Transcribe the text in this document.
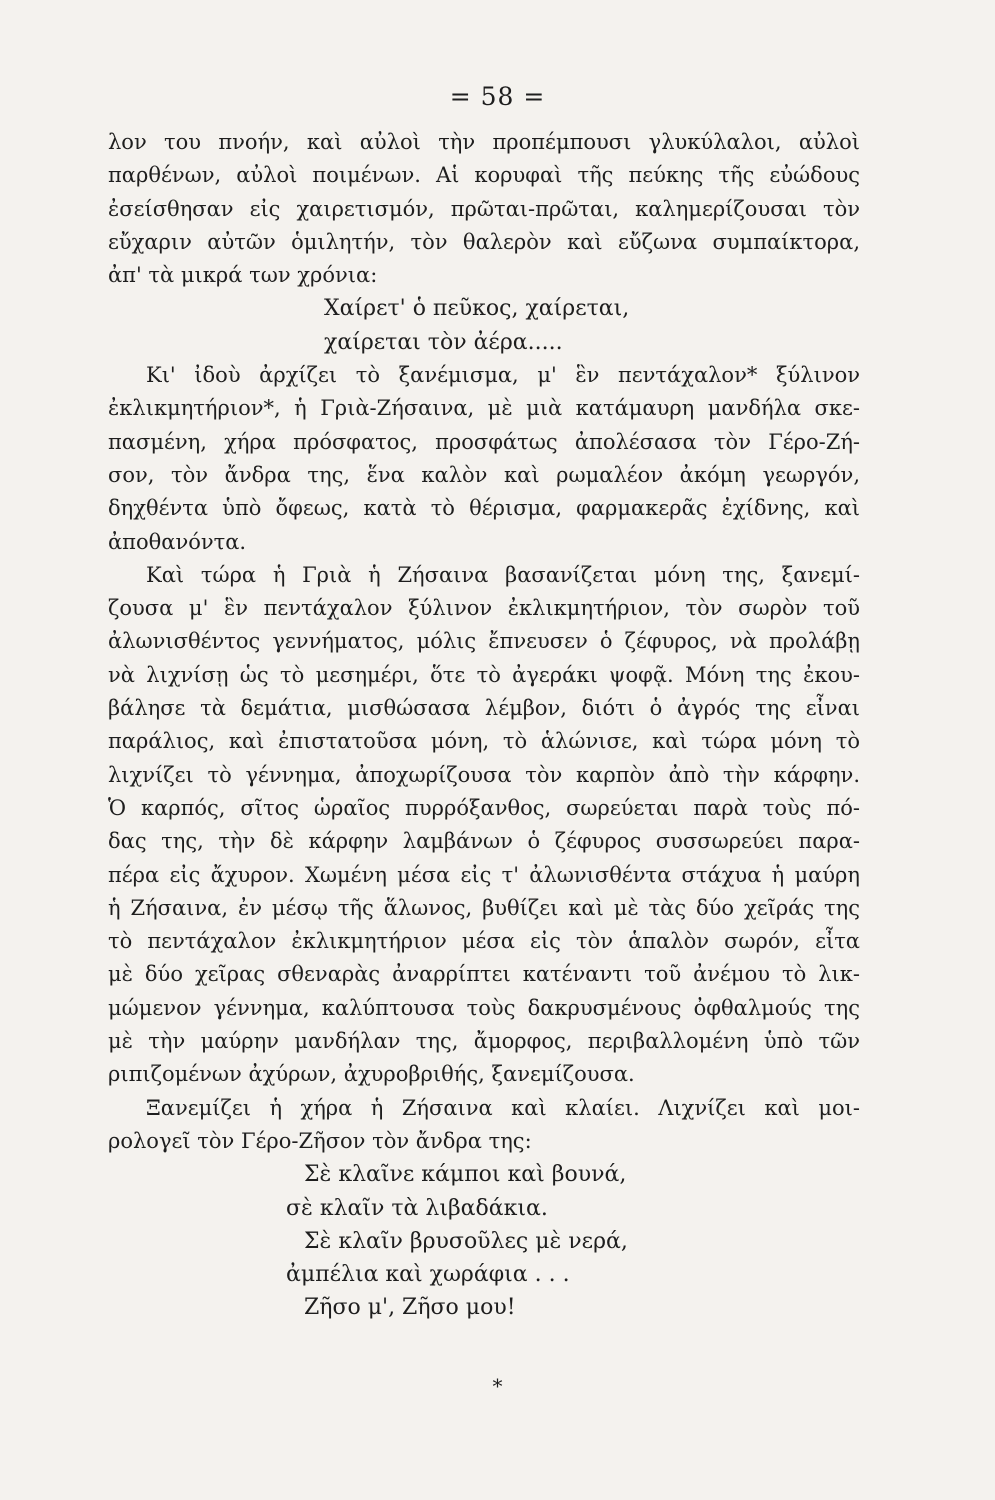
= 58 =
λον του πνοήν, καὶ αὐλοὶ τὴν προπέμπουσι γλυκύλαλοι, αὐλοὶ
παρθένων, αὐλοὶ ποιμένων. Αἱ κορυφαὶ τῆς πεύκης τῆς εὐώδους
ἐσείσθησαν εἰς χαιρετισμόν, πρῶται-πρῶται, καλημερίζουσαι τὸν
εὔχαριν αὐτῶν ὁμιλητήν, τὸν θαλερὸν καὶ εὔζωνα συμπαίκτορα,
ἀπ' τὰ μικρά των χρόνια:
Χαίρετ' ὁ πεῦκος, χαίρεται,
χαίρεται τὸν ἀέρα.....
Κι' ἰδοὺ ἀρχίζει τὸ ξανέμισμα, μ' ἓν πεντάχαλον* ξύλινον
ἐκλικμητήριον*, ἡ Γριὰ-Ζήσαινα, μὲ μιὰ κατάμαυρη μανδήλα σκε-
πασμένη, χήρα πρόσφατος, προσφάτως ἀπολέσασα τὸν Γέρο-Ζή-
σον, τὸν ἄνδρα της, ἕνα καλὸν καὶ ρωμαλέον ἀκόμη γεωργόν,
δηχθέντα ὑπὸ ὄφεως, κατὰ τὸ θέρισμα, φαρμακερᾶς ἐχίδνης, καὶ
ἀποθανόντα.
Καὶ τώρα ἡ Γριὰ ἡ Ζήσαινα βασανίζεται μόνη της, ξανεμί-
ζουσα μ' ἓν πεντάχαλον ξύλινον ἐκλικμητήριον, τὸν σωρὸν τοῦ
ἀλωνισθέντος γεννήματος, μόλις ἔπνευσεν ὁ ζέφυρος, νὰ προλάβῃ
νὰ λιχνίσῃ ὡς τὸ μεσημέρι, ὅτε τὸ ἀγεράκι ψοφᾷ. Μόνη της ἐκου-
βάλησε τὰ δεμάτια, μισθώσασα λέμβον, διότι ὁ ἀγρός της εἶναι
παράλιος, καὶ ἐπιστατοῦσα μόνη, τὸ ἁλώνισε, καὶ τώρα μόνη τὸ
λιχνίζει τὸ γέννημα, ἀποχωρίζουσα τὸν καρπὸν ἀπὸ τὴν κάρφην.
Ὁ καρπός, σῖτος ὡραῖος πυρρόξανθος, σωρεύεται παρὰ τοὺς πό-
δας της, τὴν δὲ κάρφην λαμβάνων ὁ ζέφυρος συσσωρεύει παρα-
πέρα εἰς ἄχυρον. Χωμένη μέσα εἰς τ' ἀλωνισθέντα στάχυα ἡ μαύρη
ἡ Ζήσαινα, ἐν μέσῳ τῆς ἅλωνος, βυθίζει καὶ μὲ τὰς δύο χεῖράς της
τὸ πεντάχαλον ἐκλικμητήριον μέσα εἰς τὸν ἁπαλὸν σωρόν, εἶτα
μὲ δύο χεῖρας σθεναρὰς ἀναρρίπτει κατέναντι τοῦ ἀνέμου τὸ λικ-
μώμενον γέννημα, καλύπτουσα τοὺς δακρυσμένους ὀφθαλμούς της
μὲ τὴν μαύρην μανδήλαν της, ἄμορφος, περιβαλλομένη ὑπὸ τῶν
ριπιζομένων ἀχύρων, ἀχυροβριθής, ξανεμίζουσα.
Ξανεμίζει ἡ χήρα ἡ Ζήσαινα καὶ κλαίει. Λιχνίζει καὶ μοι-
ρολογεῖ τὸν Γέρο-Ζῆσον τὸν ἄνδρα της:
Σὲ κλαῖνε κάμποι καὶ βουνά,
σὲ κλαῖν τὰ λιβαδάκια.
Σὲ κλαῖν βρυσοῦλες μὲ νερά,
ἀμπέλια καὶ χωράφια . . .
Ζῆσο μ', Ζῆσο μου!
*
